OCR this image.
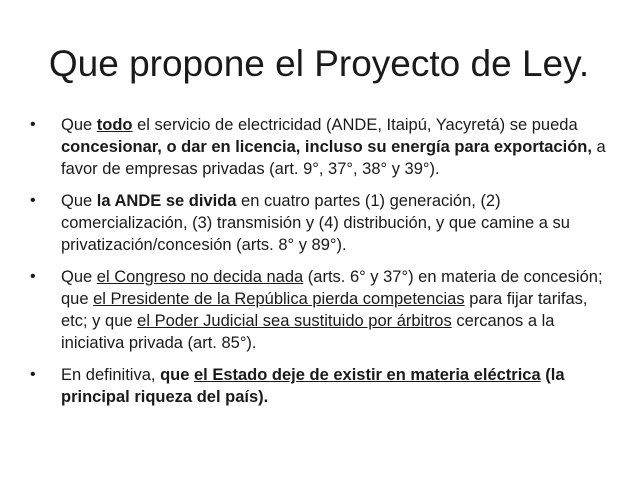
Que propone el Proyecto de Ley.
• Que todo el servicio de electricidad (ANDE, Itaipú, Yacyretá) se pueda concesionar, o dar en licencia, incluso su energía para exportación, a favor de empresas privadas (art. 9°, 37°, 38° y 39°).
• Que la ANDE se divida en cuatro partes (1) generación, (2) comercialización, (3) transmisión y (4) distribución, y que camine a su privatización/concesión (arts. 8° y 89°).
• Que el Congreso no decida nada (arts. 6° y 37°) en materia de concesión; que el Presidente de la República pierda competencias para fijar tarifas, etc; y que el Poder Judicial sea sustituido por árbitros cercanos a la iniciativa privada (art. 85°).
• En definitiva, que el Estado deje de existir en materia eléctrica (la principal riqueza del país).
